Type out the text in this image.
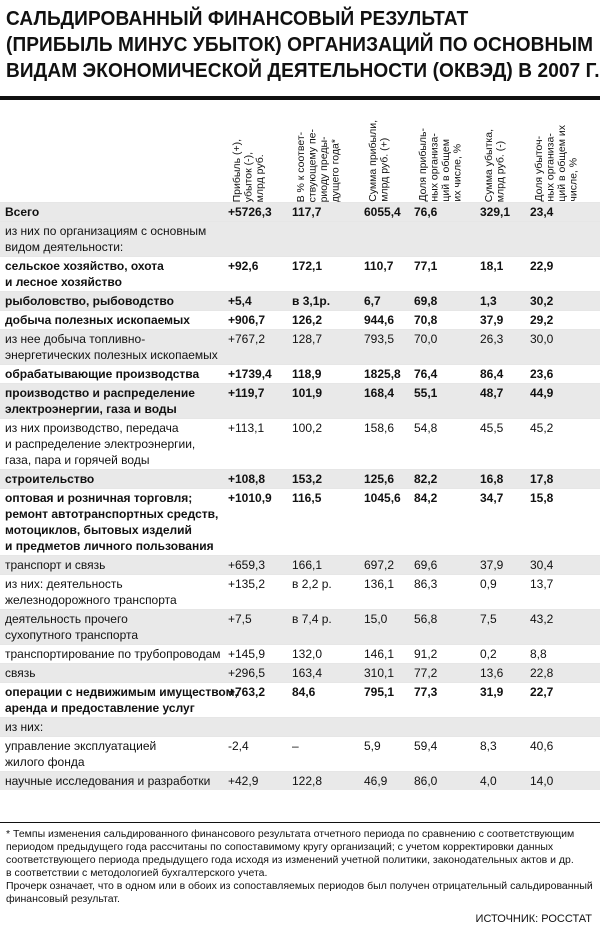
САЛЬДИРОВАННЫЙ ФИНАНСОВЫЙ РЕЗУЛЬТАТ
(ПРИБЫЛЬ МИНУС УБЫТОК) ОРГАНИЗАЦИЙ ПО ОСНОВНЫМ
ВИДАМ ЭКОНОМИЧЕСКОЙ ДЕЯТЕЛЬНОСТИ (ОКВЭД) В 2007 Г.
Прибыль (+),
убыток (-),
млрд руб.
В % к соответ-
ствующему пе-
риоду преды-
дущего года*
Сумма прибыли,
млрд руб. (+)
Доля прибыль-
ных организа-
ций в общем
их числе, %
Сумма убытка,
млрд руб. (-)
Доля убыточ-
ных организа-
ций в общем их
числе, %
Всего	+5726,3	117,7	6055,4	76,6	329,1	23,4
из них по организациям с основным
видом деятельности:						
сельское хозяйство, охота
и лесное хозяйство	+92,6	172,1	110,7	77,1	18,1	22,9
рыболовство, рыбоводство	+5,4	в 3,1р.	6,7	69,8	1,3	30,2
добыча полезных ископаемых	+906,7	126,2	944,6	70,8	37,9	29,2
из нее добыча топливно-
энергетических полезных ископаемых	+767,2	128,7	793,5	70,0	26,3	30,0
обрабатывающие производства	+1739,4	118,9	1825,8	76,4	86,4	23,6
производство и распределение
электроэнергии, газа и воды	+119,7	101,9	168,4	55,1	48,7	44,9
из них производство, передача
и распределение электроэнергии,
газа, пара и горячей воды	+113,1	100,2	158,6	54,8	45,5	45,2
строительство	+108,8	153,2	125,6	82,2	16,8	17,8
оптовая и розничная торговля;
ремонт автотранспортных средств,
мотоциклов, бытовых изделий
и предметов личного пользования	+1010,9	116,5	1045,6	84,2	34,7	15,8
транспорт и связь	+659,3	166,1	697,2	69,6	37,9	30,4
из них: деятельность
железнодорожного транспорта	+135,2	в 2,2 р.	136,1	86,3	0,9	13,7
деятельность прочего
сухопутного транспорта	+7,5	в 7,4 р.	15,0	56,8	7,5	43,2
транспортирование по трубопроводам	+145,9	132,0	146,1	91,2	0,2	8,8
связь	+296,5	163,4	310,1	77,2	13,6	22,8
операции с недвижимым имуществом,
аренда и предоставление услуг	+763,2	84,6	795,1	77,3	31,9	22,7
из них:						
управление эксплуатацией
жилого фонда	-2,4	–	5,9	59,4	8,3	40,6
научные исследования и разработки	+42,9	122,8	46,9	86,0	4,0	14,0

* Темпы изменения сальдированного финансового результата отчетного периода по сравнению с соответствующим
периодом предыдущего года рассчитаны по сопоставимому кругу организаций; с учетом корректировки данных
соответствующего периода предыдущего года исходя из изменений учетной политики, законодательных актов и др.
в соответствии с методологией бухгалтерского учета.

Прочерк означает, что в одном или в обоих из сопоставляемых периодов был получен отрицательный сальдированный
финансовый результат.

ИСТОЧНИК: РОССТАТ
